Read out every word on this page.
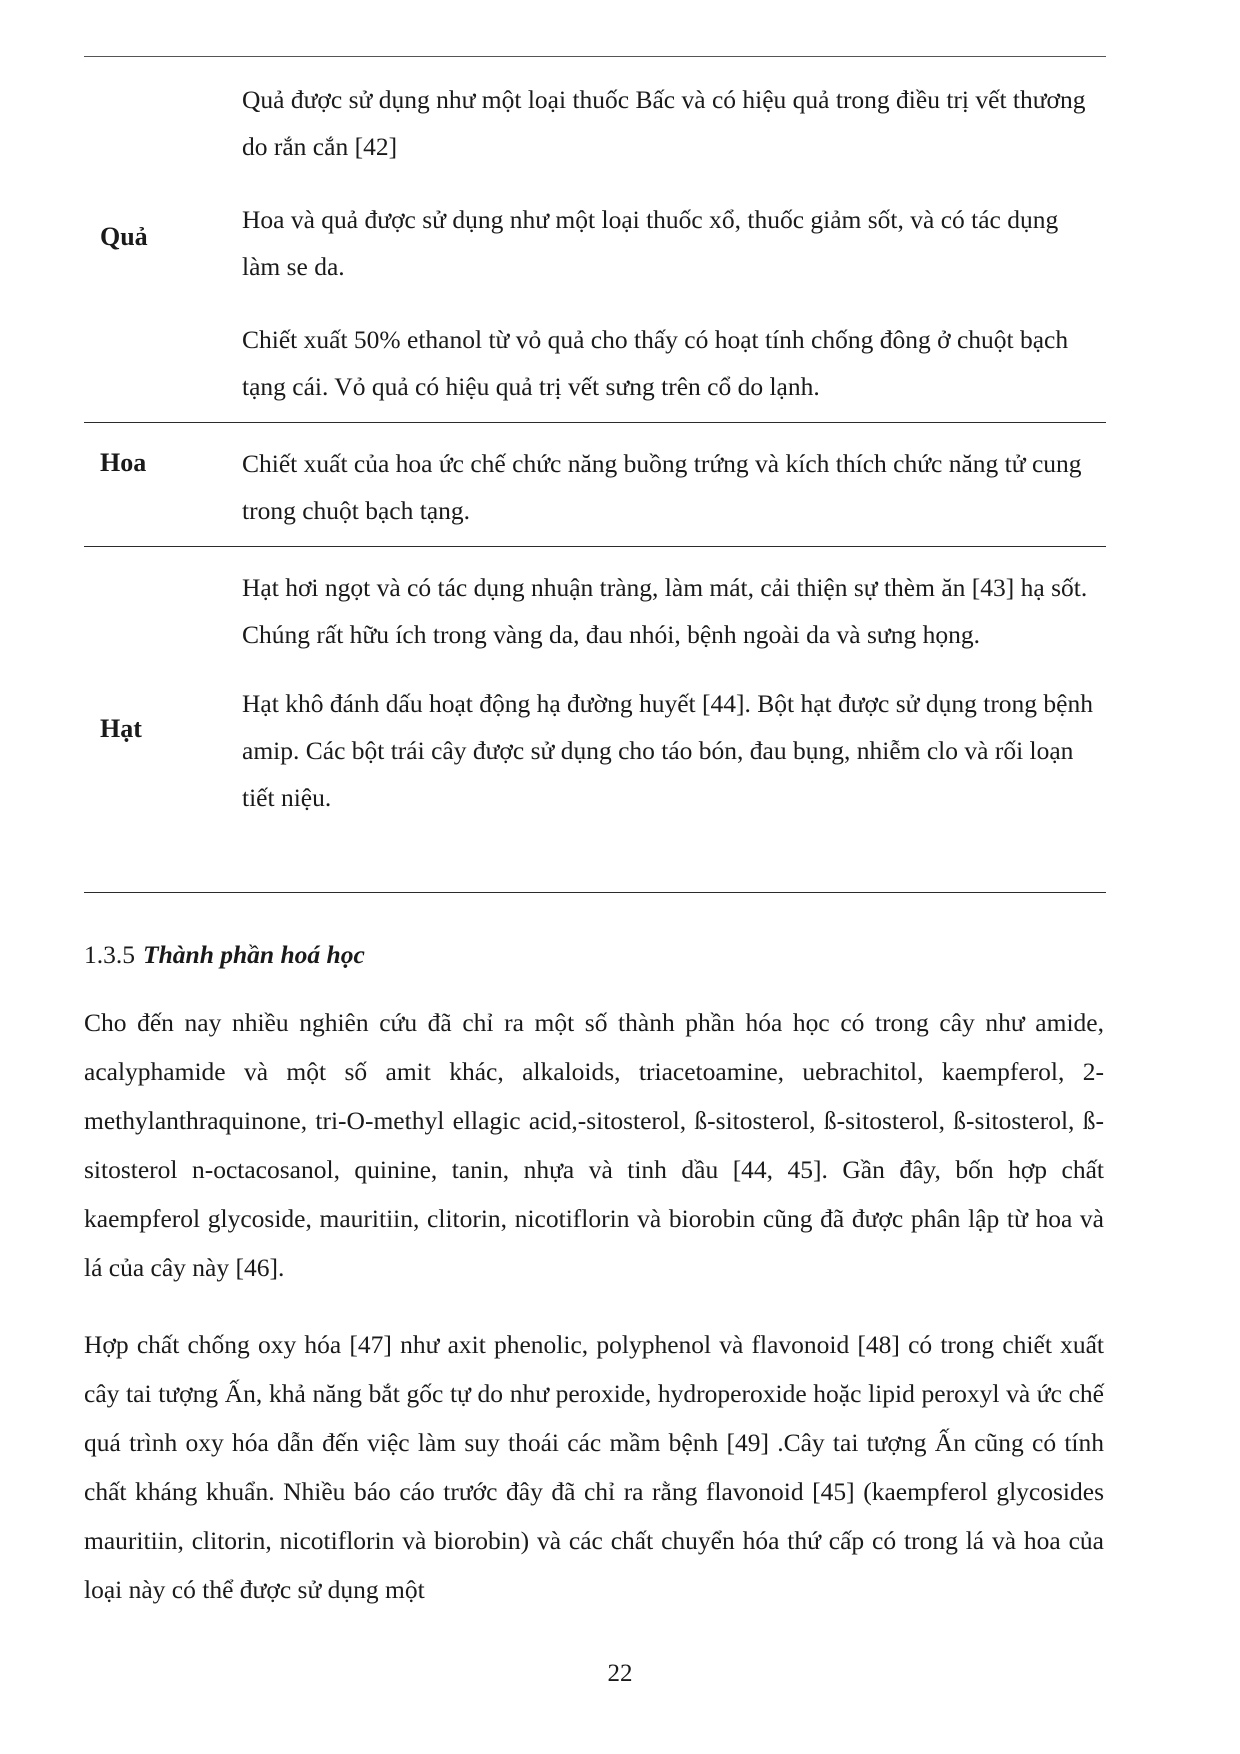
Quả

Quả được sử dụng như một loại thuốc Bấc và có hiệu quả trong điều trị vết thương do rắn cắn [42]

Hoa và quả được sử dụng như một loại thuốc xổ, thuốc giảm sốt, và có tác dụng làm se da.

Chiết xuất 50% ethanol từ vỏ quả cho thấy có hoạt tính chống đông ở chuột bạch tạng cái. Vỏ quả có hiệu quả trị vết sưng trên cổ do lạnh.

Hoa	Chiết xuất của hoa ức chế chức năng buồng trứng và kích thích chức năng tử cung trong chuột bạch tạng.

Hạt

Hạt hơi ngọt và có tác dụng nhuận tràng, làm mát, cải thiện sự thèm ăn [43] hạ sốt. Chúng rất hữu ích trong vàng da, đau nhói, bệnh ngoài da và sưng họng.

Hạt khô đánh dấu hoạt động hạ đường huyết [44]. Bột hạt được sử dụng trong bệnh amip. Các bột trái cây được sử dụng cho táo bón, đau bụng, nhiễm clo và rối loạn tiết niệu.

1.3.5 Thành phần hoá học

Cho đến nay nhiều nghiên cứu đã chỉ ra một số thành phần hóa học có trong cây như amide, acalyphamide và một số amit khác, alkaloids, triacetoamine, uebrachitol, kaempferol, 2-methylanthraquinone, tri-O-methyl ellagic acid,-sitosterol, ß-sitosterol, ß-sitosterol, ß-sitosterol, ß-sitosterol n-octacosanol, quinine, tanin, nhựa và tinh dầu [44, 45]. Gần đây, bốn hợp chất kaempferol glycoside, mauritiin, clitorin, nicotiflorin và biorobin cũng đã được phân lập từ hoa và lá của cây này [46].

Hợp chất chống oxy hóa [47] như axit phenolic, polyphenol và flavonoid [48] có trong chiết xuất cây tai tượng Ấn, khả năng bắt gốc tự do như peroxide, hydroperoxide hoặc lipid peroxyl và ức chế quá trình oxy hóa dẫn đến việc làm suy thoái các mầm bệnh [49] .Cây tai tượng Ấn cũng có tính chất kháng khuẩn. Nhiều báo cáo trước đây đã chỉ ra rằng flavonoid [45] (kaempferol glycosides mauritiin, clitorin, nicotiflorin và biorobin) và các chất chuyển hóa thứ cấp có trong lá và hoa của loại này có thể được sử dụng một

22
